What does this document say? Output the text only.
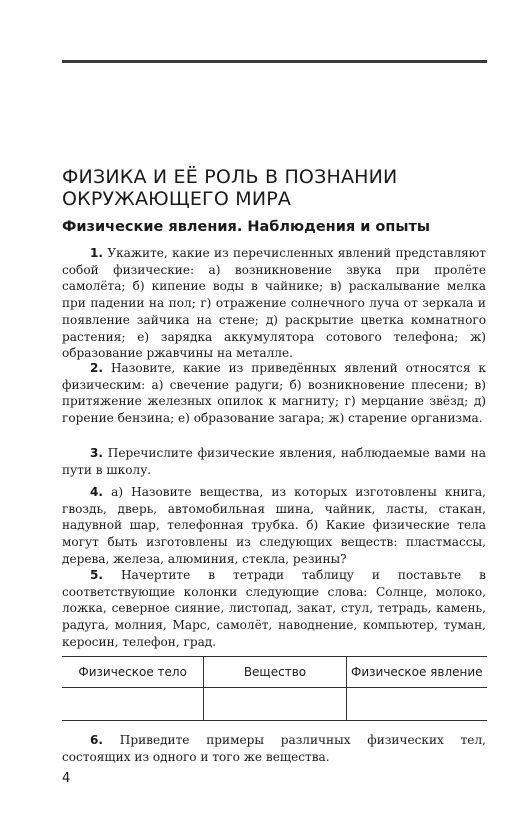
ФИЗИКА И ЕЁ РОЛЬ В ПОЗНАНИИ
ОКРУЖАЮЩЕГО МИРА
Физические явления. Наблюдения и опыты

1. Укажите, какие из перечисленных явлений представляют собой физические: а) возникновение звука при пролёте самолёта; б) кипение воды в чайнике; в) раскалывание мелка при падении на пол; г) отражение солнечного луча от зеркала и появление зайчика на стене; д) раскрытие цветка комнатного растения; е) зарядка аккумулятора сотового телефона; ж) образование ржавчины на металле.

2. Назовите, какие из приведённых явлений относятся к физическим: а) свечение радуги; б) возникновение плесени; в) притяжение железных опилок к магниту; г) мерцание звёзд; д) горение бензина; е) образование загара; ж) старение организма.

3. Перечислите физические явления, наблюдаемые вами на пути в школу.

4. а) Назовите вещества, из которых изготовлены книга, гвоздь, дверь, автомобильная шина, чайник, ласты, стакан, надувной шар, телефонная трубка. б) Какие физические тела могут быть изготовлены из следующих веществ: пластмассы, дерева, железа, алюминия, стекла, резины?

5. Начертите в тетради таблицу и поставьте в соответствующие колонки следующие слова: Солнце, молоко, ложка, северное сияние, листопад, закат, стул, тетрадь, камень, радуга, молния, Марс, самолёт, наводнение, компьютер, туман, керосин, телефон, град.

Физическое тело	Вещество	Физическое явление

6. Приведите примеры различных физических тел, состоящих из одного и того же вещества.

4
